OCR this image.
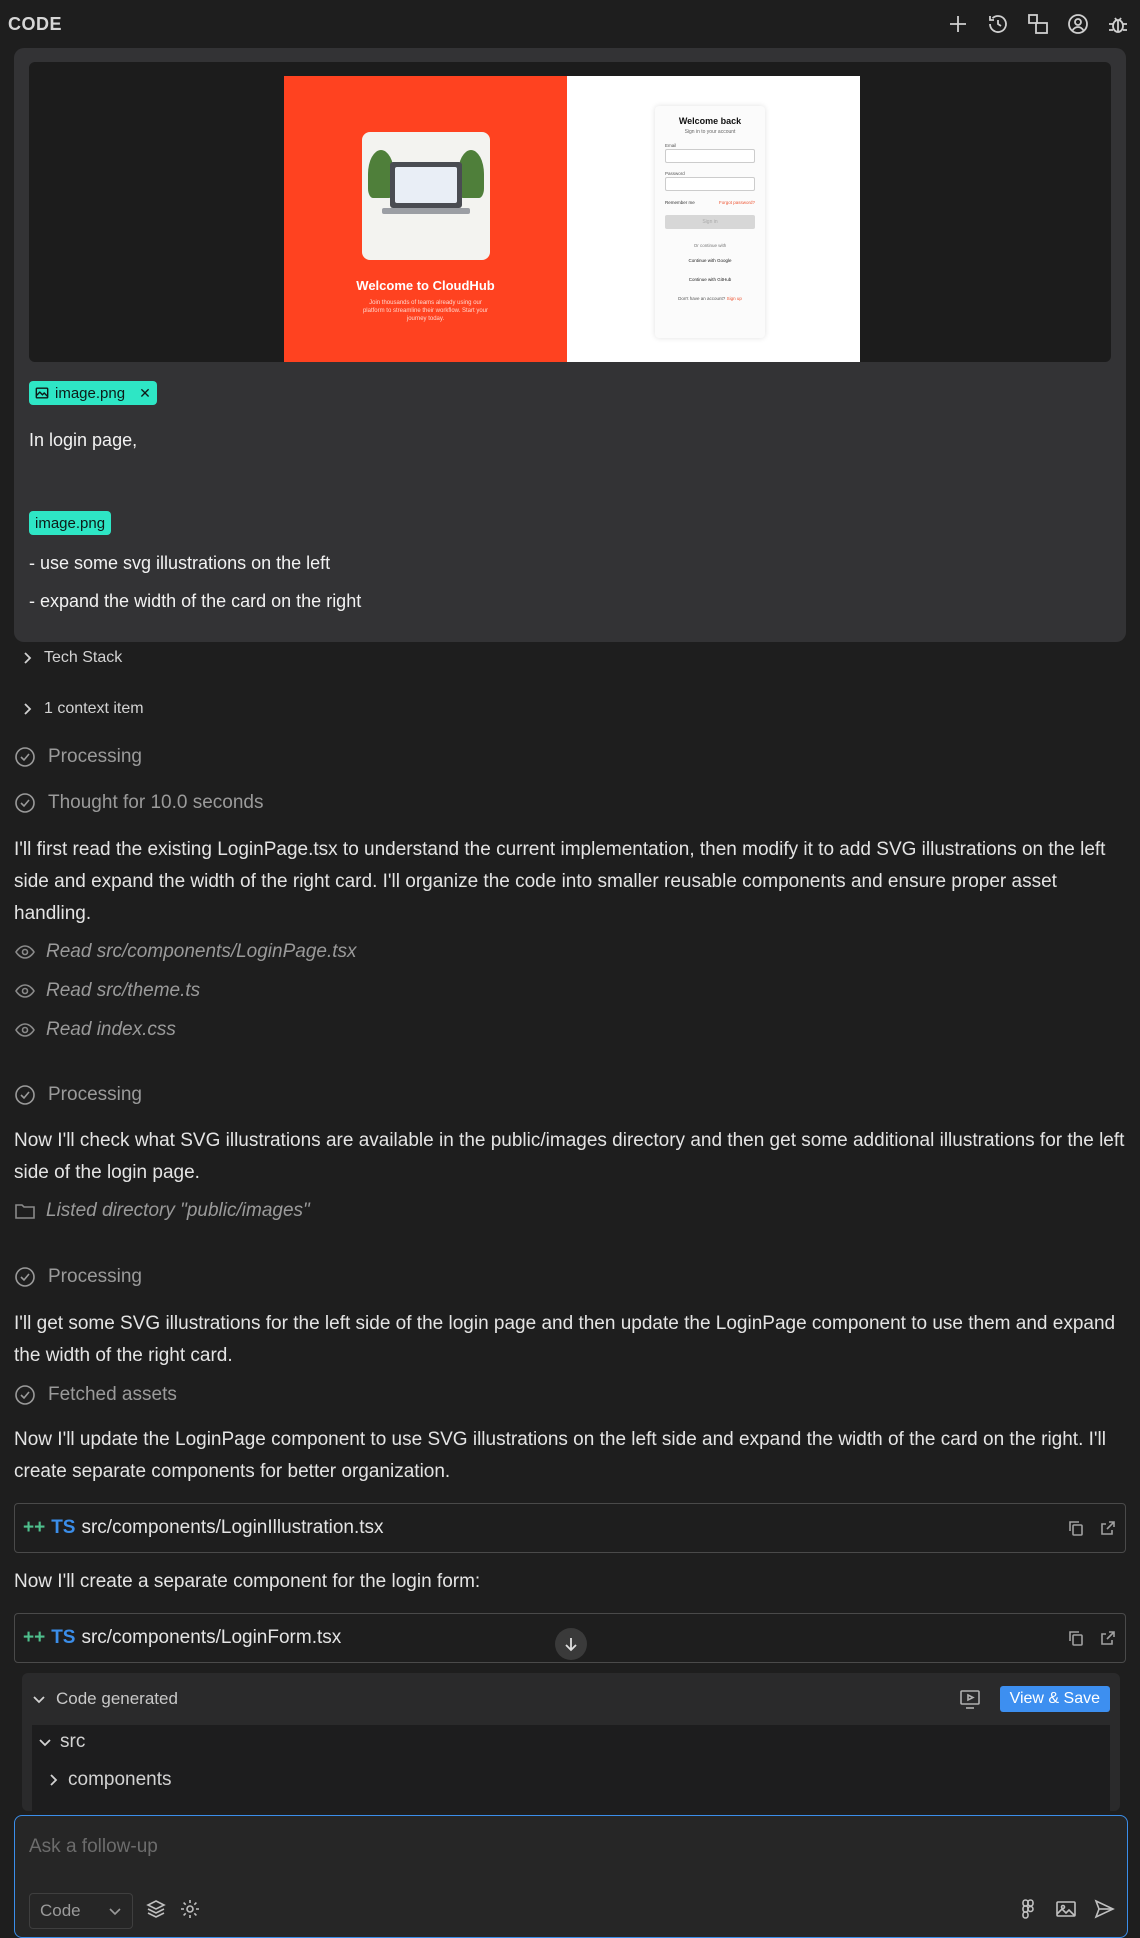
CODE
Welcome to CloudHub
Join thousands of teams already using our platform to streamline their workflow. Start your journey today.
Welcome back
Sign in to your account
Email
Password
Remember me	Forgot password?
Sign in
Or continue with
Continue with Google
Continue with GitHub
Don't have an account? Sign up
image.png ✕
In login page,
image.png
- use some svg illustrations on the left
- expand the width of the card on the right
Tech Stack
1 context item
Processing
Thought for 10.0 seconds
I'll first read the existing LoginPage.tsx to understand the current implementation, then modify it to add SVG illustrations on the left side and expand the width of the right card. I'll organize the code into smaller reusable components and ensure proper asset handling.
Read src/components/LoginPage.tsx
Read src/theme.ts
Read index.css
Processing
Now I'll check what SVG illustrations are available in the public/images directory and then get some additional illustrations for the left side of the login page.
Listed directory "public/images"
Processing
I'll get some SVG illustrations for the left side of the login page and then update the LoginPage component to use them and expand the width of the right card.
Fetched assets
Now I'll update the LoginPage component to use SVG illustrations on the left side and expand the width of the card on the right. I'll create separate components for better organization.
++ TS src/components/LoginIllustration.tsx
Now I'll create a separate component for the login form:
++ TS src/components/LoginForm.tsx
Code generated	View & Save
src
components
Ask a follow-up
Code
